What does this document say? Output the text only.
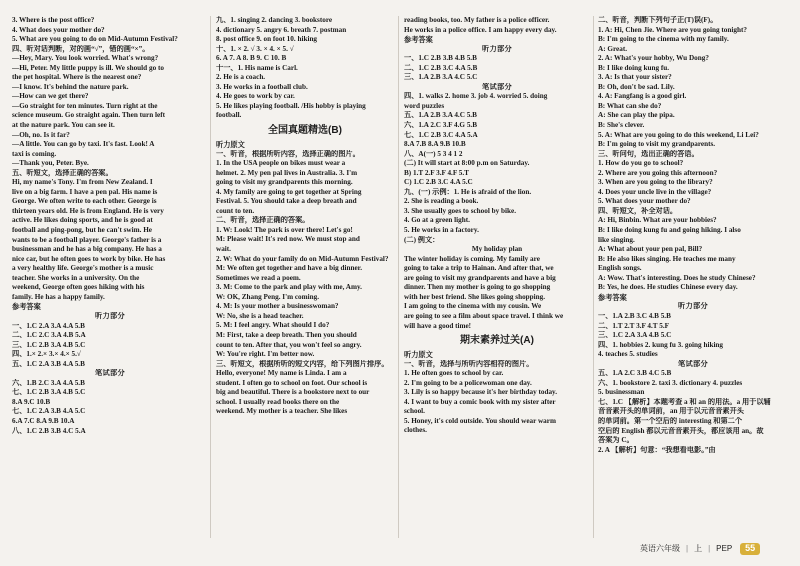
3. Where is the post office?
4. What does your mother do?
5. What are you going to do on Mid-Autumn Festival?
四、听对话判断，对的画“√”，错的画“×”。
—Hey, Mary. You look worried. What's wrong?
—Hi, Peter. My little puppy is ill. We should go to
the pet hospital. Where is the nearest one?
—I know. It's behind the nature park.
—How can we get there?
—Go straight for ten minutes. Turn right at the
science museum. Go straight again. Then turn left
at the nature park. You can see it.
—Oh, no. Is it far?
—A little. You can go by taxi. It's fast. Look! A
taxi is coming.
—Thank you, Peter. Bye.
五、听短文，选择正确的答案。
Hi, my name's Tony. I'm from New Zealand. I
live on a big farm. I have a pen pal. His name is
George. We often write to each other. George is
thirteen years old. He is from England. He is very
active. He likes doing sports, and he is good at
football and ping-pong, but he can't swim. He
wants to be a football player. George's father is a
businessman and he has a big company. He has a
nice car, but he often goes to work by bike. He has
a very healthy life. George's mother is a music
teacher. She works in a university. On the
weekend, George often goes hiking with his
family. He has a happy family.
参考答案
听力部分
一、1.C 2.A 3.A 4.A 5.B
二、1.C 2.C 3.A 4.B 5.A
三、1.C 2.B 3.A 4.B 5.C
四、1.× 2.× 3.× 4.× 5.√
五、1.C 2.A 3.B 4.A 5.B
笔试部分
六、1.B 2.C 3.A 4.A 5.B
七、1.C 2.B 3.A 4.B 5.C
8.A 9.C 10.B
七、1.C 2.A 3.B 4.A 5.C
6.A 7.C 8.A 9.B 10.A
八、1.C 2.B 3.B 4.C 5.A
九、1. singing 2. dancing 3. bookstore
4. dictionary 5. angry 6. breath 7. postman
8. post office 9. on foot 10. hiking
十、1. × 2. √ 3. × 4. × 5. √
6. A 7. A 8. B 9. C 10. B
十一、1. His name is Carl.
2. He is a coach.
3. He works in a football club.
4. He goes to work by car.
5. He likes playing football. /His hobby is playing
football.
全国真题精选(B)
听力原文
一、听音，根据所听内容，选择正确的图片。
1. In the USA people on bikes must wear a
helmet. 2. My pen pal lives in Australia. 3. I'm
going to visit my grandparents this morning.
4. My family are going to get together at Spring
Festival. 5. You should take a deep breath and
count to ten.
二、听音，选择正确的答案。
1. W: Look! The park is over there! Let's go!
M: Please wait! It's red now. We must stop and
wait.
2. W: What do your family do on Mid-Autumn Festival?
M: We often get together and have a big dinner.
Sometimes we read a poem.
3. M: Come to the park and play with me, Amy.
W: OK, Zhang Peng. I'm coming.
4. M: Is your mother a businesswoman?
W: No, she is a head teacher.
5. M: I feel angry. What should I do?
M: First, take a deep breath. Then you should
count to ten. After that, you won't feel so angry.
W: You're right. I'm better now.
三、听短文，根据所听的短文内容，给下列图片排序。
Hello, everyone! My name is Linda. I am a
student. I often go to school on foot. Our school is
big and beautiful. There is a bookstore next to our
school. I usually read books there on the
weekend. My mother is a teacher. She likes
reading books, too. My father is a police officer.
He works in a police office. I am happy every day.
参考答案
听力部分
一、1.C 2.B 3.B 4.B 5.B
二、1.C 2.B 3.C 4.A 5.B
三、1.A 2.B 3.A 4.C 5.C
笔试部分
四、1. walks 2. home 3. job 4. worried 5. doing
word puzzles
五、1.A 2.B 3.A 4.C 5.B
六、1.A 2.C 3.F 4.G 5.B
七、1.C 2.B 3.C 4.A 5.A
8.A 7.B 8.A 9.B 10.B
八、A(一) 5 3 4 1 2
(二) It will start at 8:00 p.m on Saturday.
B) 1.T 2.F 3.F 4.F 5.T
C) 1.C 2.B 3.C 4.A 5.C
九、(一) 示例：1. He is afraid of the lion.
2. She is reading a book.
3. She usually goes to school by bike.
4. Go at a green light.
5. He works in a factory.
(二) 例文：
My holiday plan
The winter holiday is coming. My family are
going to take a trip to Hainan. And after that, we
are going to visit my grandparents and have a big
dinner. Then my mother is going to go shopping
with her best friend. She likes going shopping.
I am going to the cinema with my cousin. We
are going to see a film about space travel. I think we
will have a good time!
期末素养过关(A)
听力原文
一、听音，选择与所听内容相符的图片。
1. He often goes to school by car.
2. I'm going to be a policewoman one day.
3. Lily is so happy because it's her birthday today.
4. I want to buy a comic book with my sister after
school.
5. Honey, it's cold outside. You should wear warm
clothes.
二、听音，判断下列句子正(T)误(F)。
1. A: Hi, Chen Jie. Where are you going tonight?
B: I'm going to the cinema with my family.
A: Great.
2. A: What's your hobby, Wu Dong?
B: I like doing kung fu.
3. A: Is that your sister?
B: Oh, don't be sad. Lily.
4. A: Fangfang is a good girl.
B: What can she do?
A: She can play the pipa.
B: She's clever.
5. A: What are you going to do this weekend, Li Lei?
B: I'm going to visit my grandparents.
三、听问句，选出正确的答语。
1. How do you go to school?
2. Where are you going this afternoon?
3. When are you going to the library?
4. Does your uncle live in the village?
5. What does your mother do?
四、听短文，补全对话。
A: Hi, Binbin. What are your hobbies?
B: I like doing kung fu and going hiking. I also
like singing.
A: What about your pen pal, Bill?
B: He also likes singing. He teaches me many
English songs.
A: Wow. That's interesting. Does he study Chinese?
B: Yes, he does. He studies Chinese every day.
参考答案
听力部分
一、1.A 2.B 3.C 4.B 5.B
二、1.T 2.T 3.F 4.T 5.F
三、1.C 2.A 3.A 4.B 5.C
四、1. hobbies 2. kung fu 3. going hiking
4. teaches 5. studies
笔试部分
五、1.A 2.C 3.B 4.C 5.B
六、1. bookstore 2. taxi 3. dictionary 4. puzzles
5. businessman
七、1.C 【解析】本题考查 a 和 an 的用法。a 用于以辅
音音素开头的单词前，an 用于以元音音素开头
的单词前。第一个空后的 interesting 和第二个
空后的 English 都以元音音素开头，都应该用 an。故
答案为 C。
2. A 【解析】句意：“我想看电影。”由
英语六年级 | 上 | PEP	55
